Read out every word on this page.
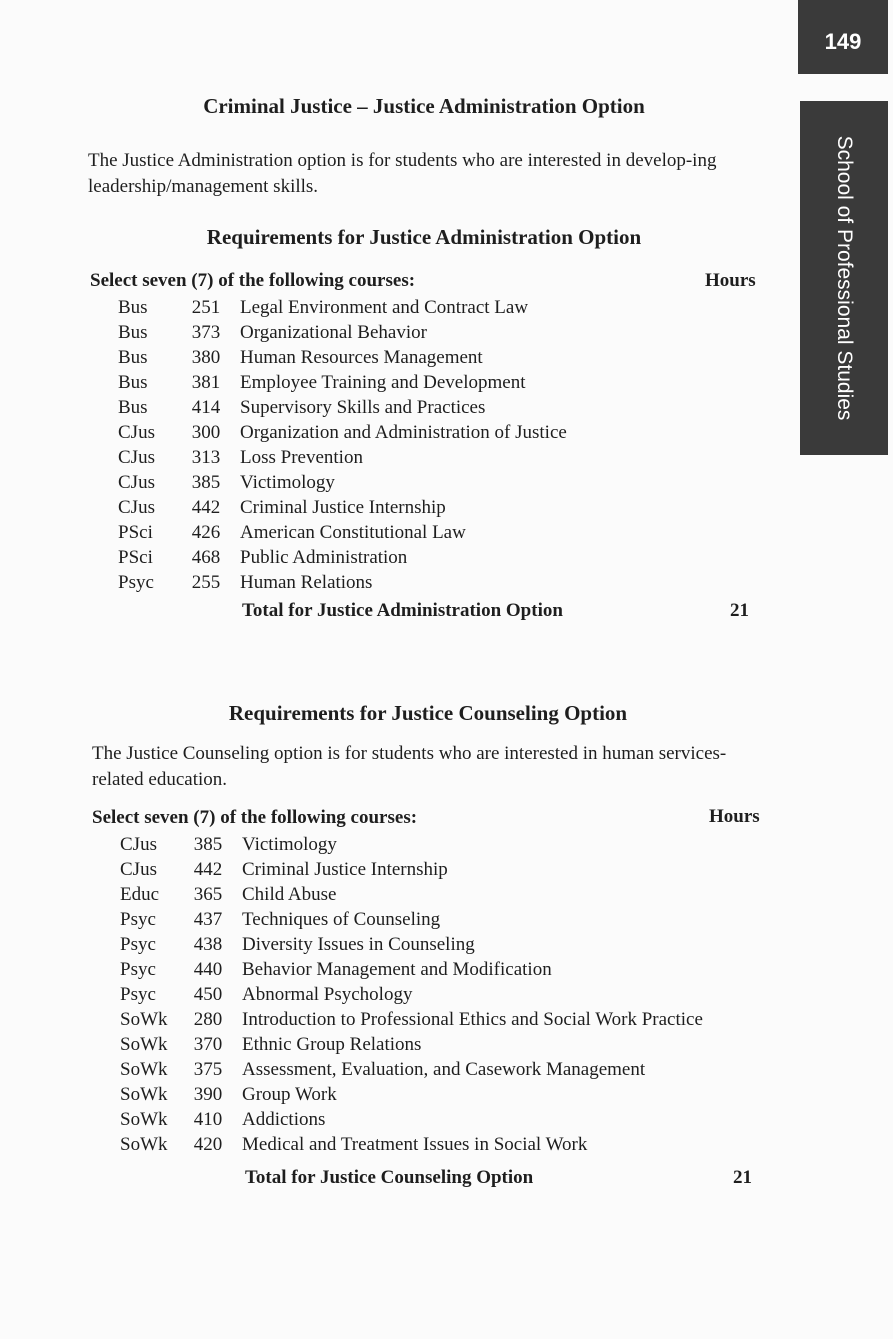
149
School of Professional Studies
Criminal Justice – Justice Administration Option
The Justice Administration option is for students who are interested in develop-ing leadership/management skills.
Requirements for Justice Administration Option
Select seven (7) of the following courses:	Hours
Bus	251	Legal Environment and Contract Law
Bus	373	Organizational Behavior
Bus	380	Human Resources Management
Bus	381	Employee Training and Development
Bus	414	Supervisory Skills and Practices
CJus	300	Organization and Administration of Justice
CJus	313	Loss Prevention
CJus	385	Victimology
CJus	442	Criminal Justice Internship
PSci	426	American Constitutional Law
PSci	468	Public Administration
Psyc	255	Human Relations
Total for Justice Administration Option	21
Requirements for Justice Counseling Option
The Justice Counseling option is for students who are interested in human services-related education.
Select seven (7) of the following courses:	Hours
CJus	385	Victimology
CJus	442	Criminal Justice Internship
Educ	365	Child Abuse
Psyc	437	Techniques of Counseling
Psyc	438	Diversity Issues in Counseling
Psyc	440	Behavior Management and Modification
Psyc	450	Abnormal Psychology
SoWk	280	Introduction to Professional Ethics and Social Work Practice
SoWk	370	Ethnic Group Relations
SoWk	375	Assessment, Evaluation, and Casework Management
SoWk	390	Group Work
SoWk	410	Addictions
SoWk	420	Medical and Treatment Issues in Social Work
Total for Justice Counseling Option	21
